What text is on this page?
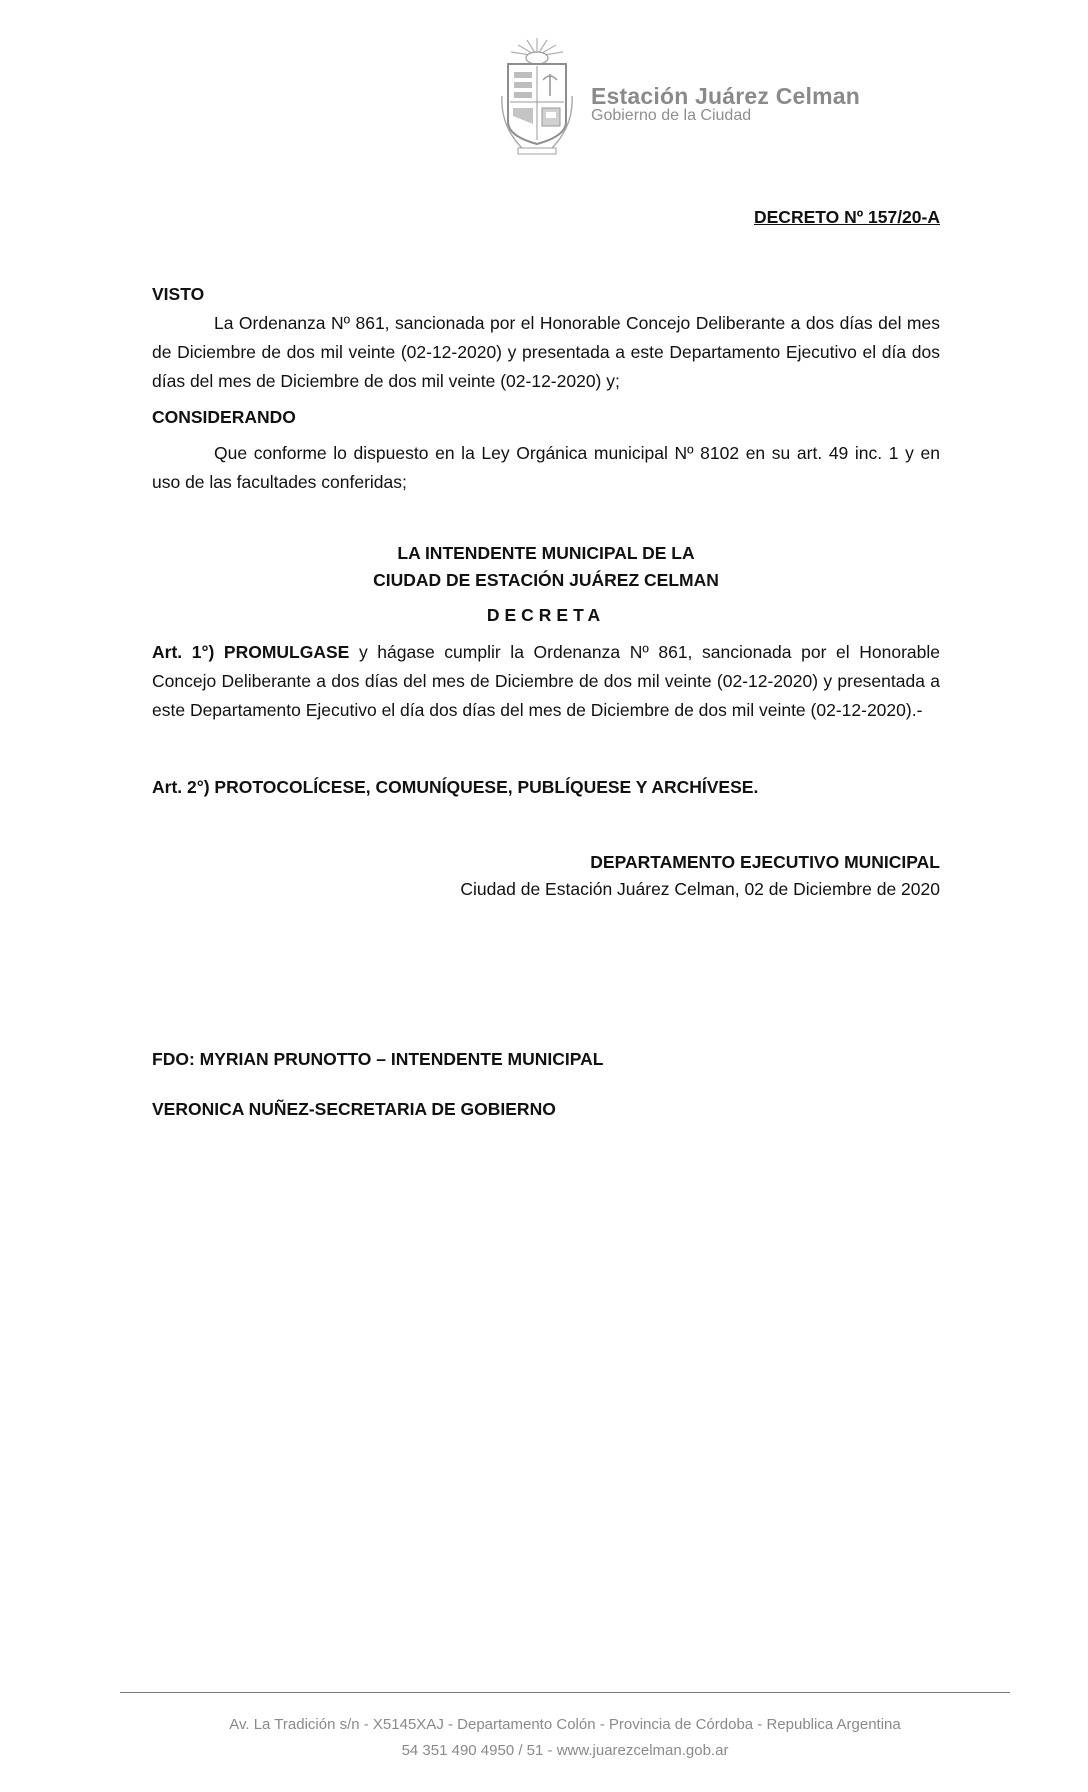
Estación Juárez Celman
Gobierno de la Ciudad
DECRETO Nº 157/20-A
VISTO
La Ordenanza Nº 861, sancionada por el Honorable Concejo Deliberante a dos días del mes de Diciembre de dos mil veinte (02-12-2020) y presentada a este Departamento Ejecutivo el día dos días del mes de Diciembre de dos mil veinte (02-12-2020) y;
CONSIDERANDO
Que conforme lo dispuesto en la Ley Orgánica municipal Nº 8102 en su art. 49 inc. 1 y en uso de las facultades conferidas;
LA INTENDENTE MUNICIPAL DE LA
CIUDAD DE ESTACIÓN JUÁREZ CELMAN
DECRETA
Art. 1°) PROMULGASE y hágase cumplir la Ordenanza Nº 861, sancionada por el Honorable Concejo Deliberante a dos días del mes de Diciembre de dos mil veinte (02-12-2020) y presentada a este Departamento Ejecutivo el día dos días del mes de Diciembre de dos mil veinte (02-12-2020).-
Art. 2°) PROTOCOLÍCESE, COMUNÍQUESE, PUBLÍQUESE Y ARCHÍVESE.
DEPARTAMENTO EJECUTIVO MUNICIPAL
Ciudad de Estación Juárez Celman, 02 de Diciembre de 2020
FDO: MYRIAN PRUNOTTO – INTENDENTE MUNICIPAL
VERONICA NUÑEZ-SECRETARIA DE GOBIERNO
Av. La Tradición s/n - X5145XAJ - Departamento Colón - Provincia de Córdoba - Republica Argentina
54 351 490 4950 / 51 - www.juarezcelman.gob.ar
